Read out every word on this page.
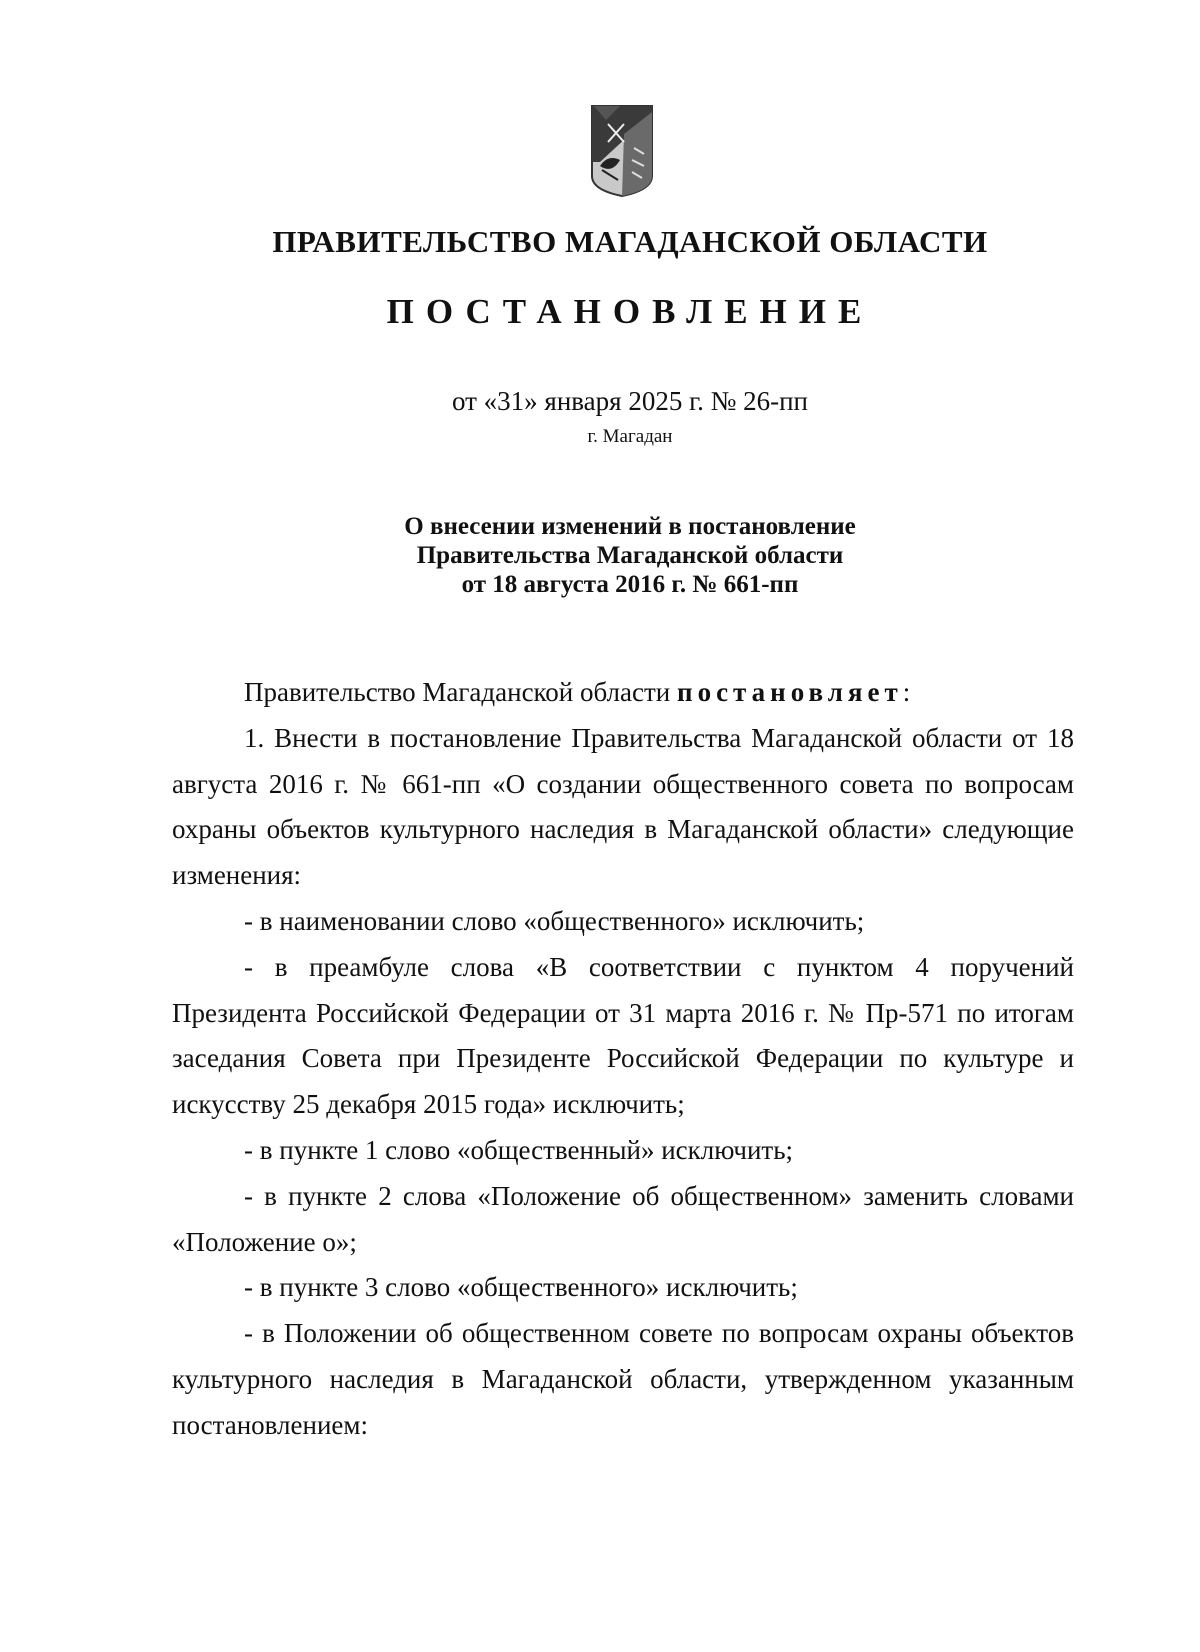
ПРАВИТЕЛЬСТВО МАГАДАНСКОЙ ОБЛАСТИ
ПОСТАНОВЛЕНИЕ
от «31» января 2025 г. № 26-пп
г. Магадан
О внесении изменений в постановление
Правительства Магаданской области
от 18 августа 2016 г. № 661-пп

Правительство Магаданской области постановляет:

1. Внести в постановление Правительства Магаданской области от 18 августа 2016 г. № 661-пп «О создании общественного совета по вопросам охраны объектов культурного наследия в Магаданской области» следующие изменения:

- в наименовании слово «общественного» исключить;

- в преамбуле слова «В соответствии с пунктом 4 поручений Президента Российской Федерации от 31 марта 2016 г. № Пр-571 по итогам заседания Совета при Президенте Российской Федерации по культуре и искусству 25 декабря 2015 года» исключить;

- в пункте 1 слово «общественный» исключить;

- в пункте 2 слова «Положение об общественном» заменить словами «Положение о»;

- в пункте 3 слово «общественного» исключить;

- в Положении об общественном совете по вопросам охраны объектов культурного наследия в Магаданской области, утвержденном указанным постановлением:
